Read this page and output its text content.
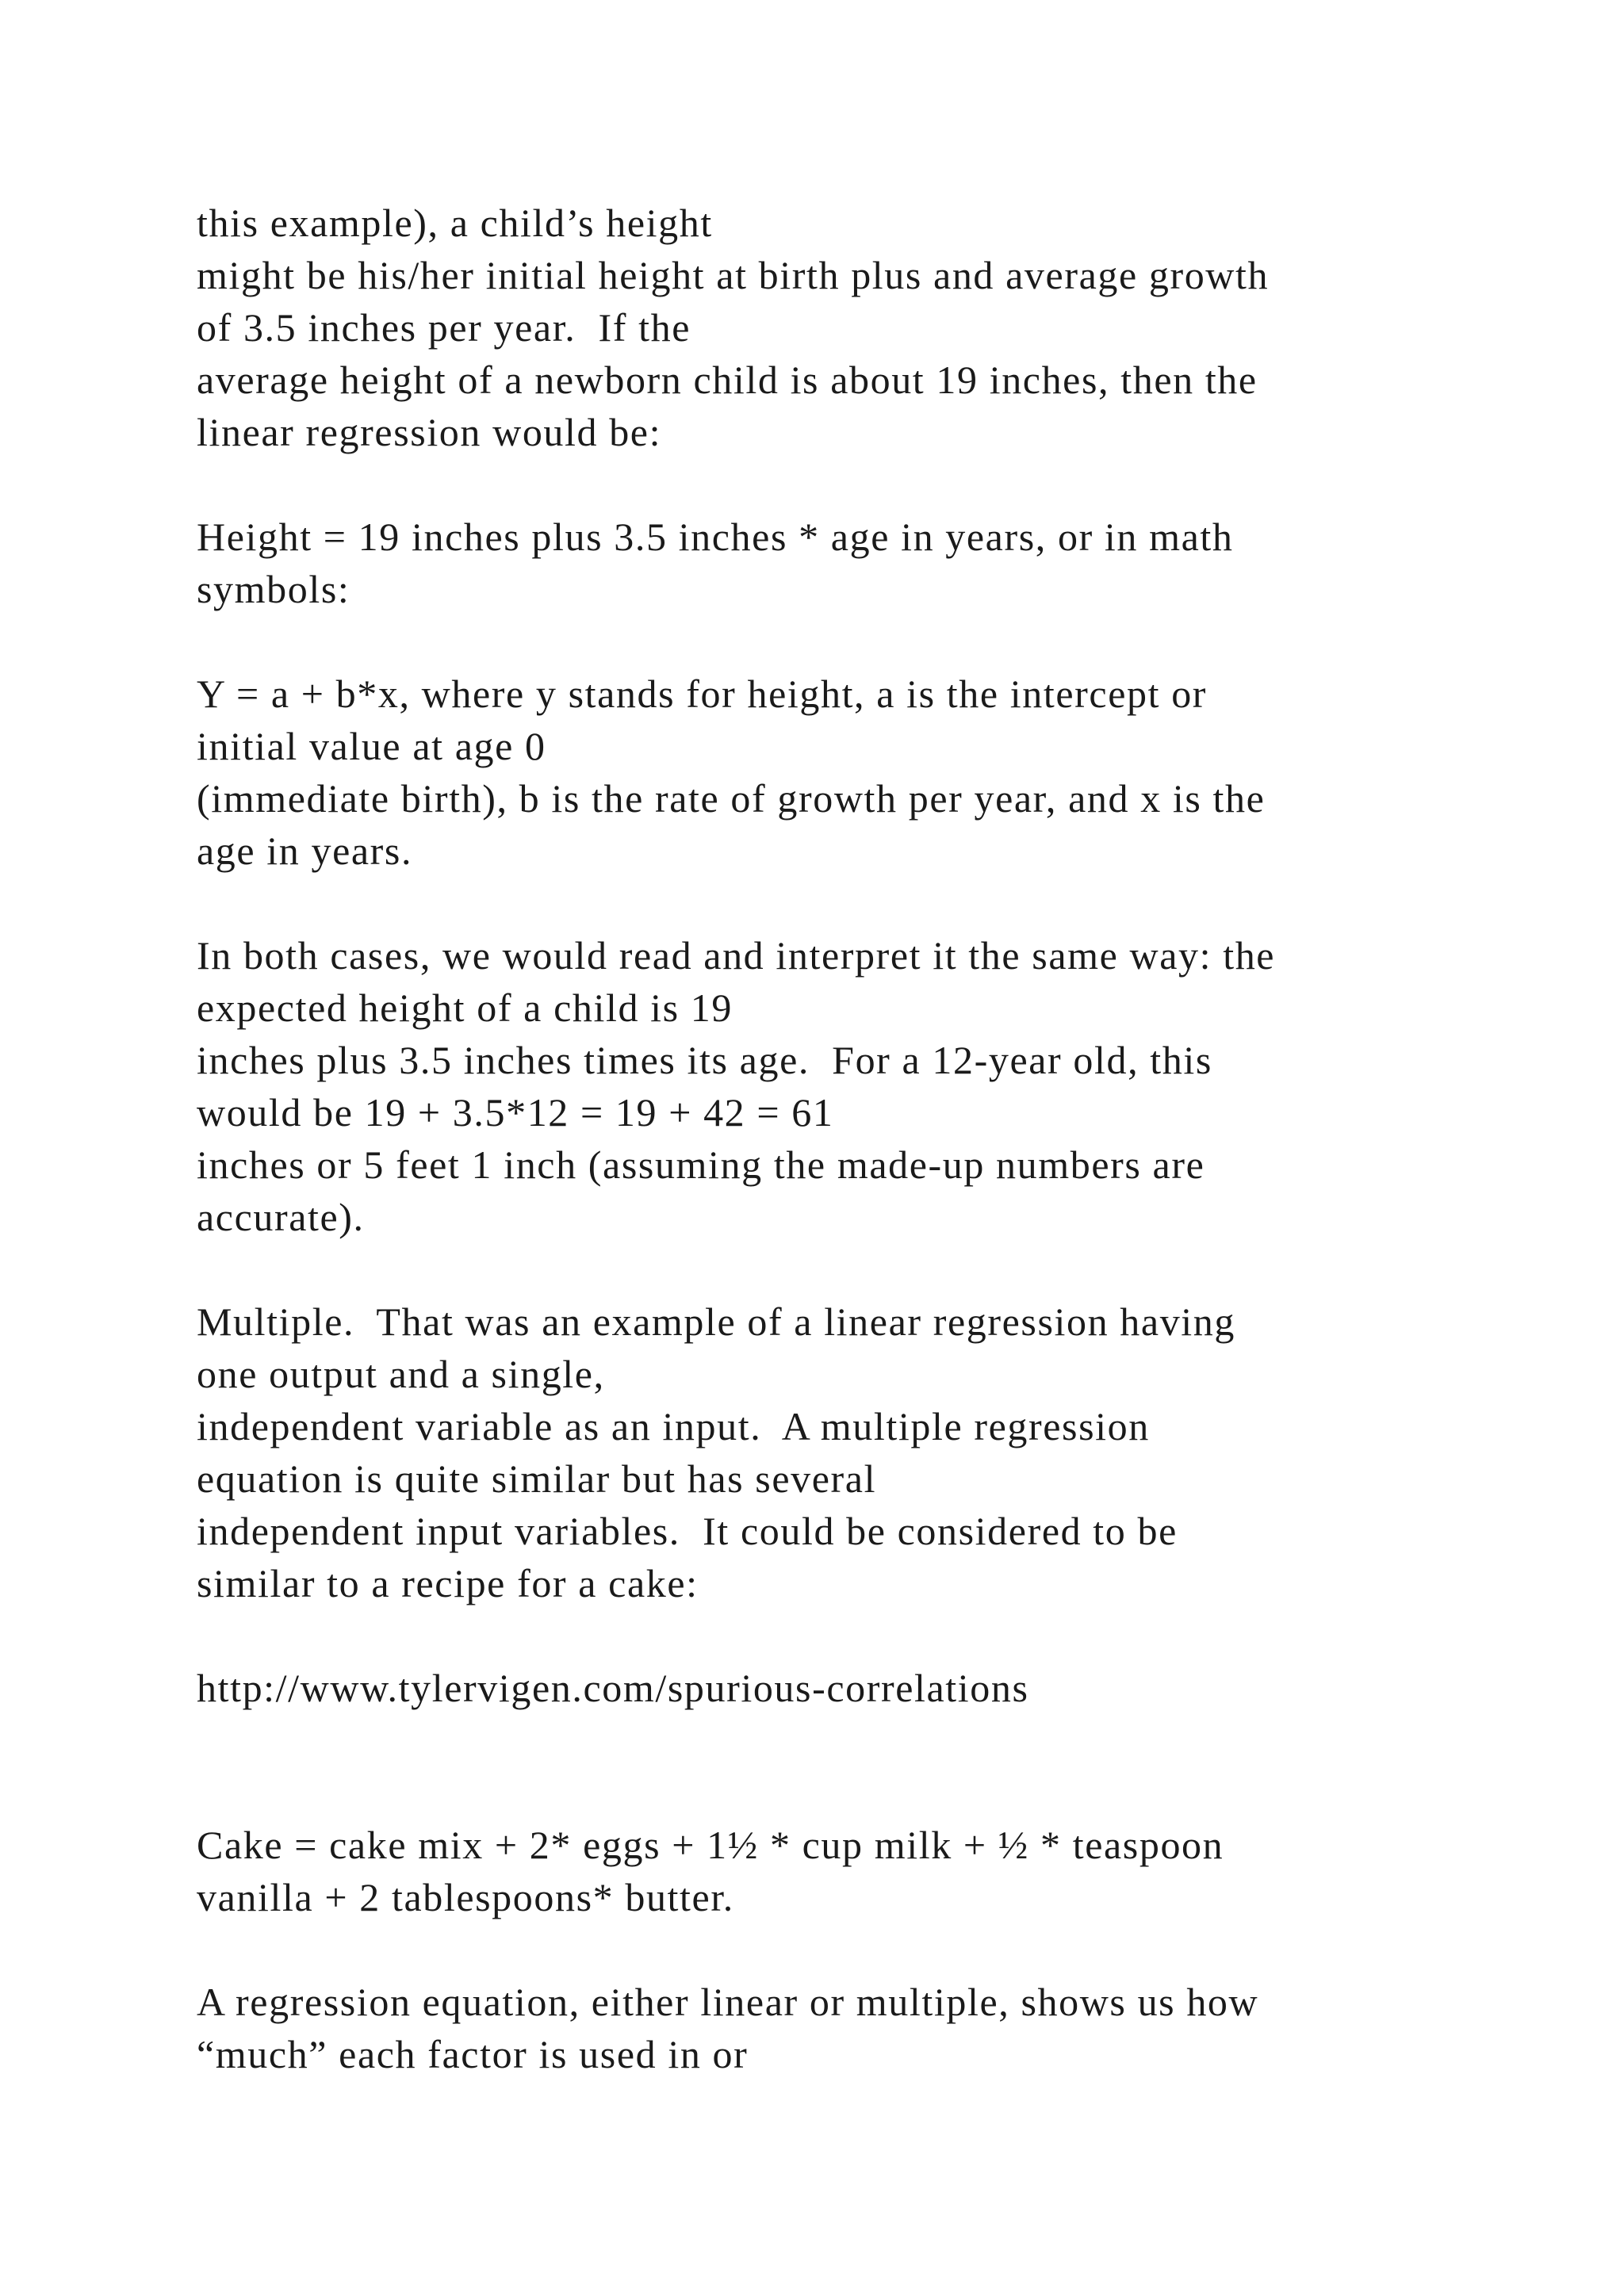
this example), a child’s height
might be his/her initial height at birth plus and average growth
of 3.5 inches per year.  If the
average height of a newborn child is about 19 inches, then the
linear regression would be:
Height = 19 inches plus 3.5 inches * age in years, or in math
symbols:
Y = a + b*x, where y stands for height, a is the intercept or
initial value at age 0
(immediate birth), b is the rate of growth per year, and x is the
age in years.
In both cases, we would read and interpret it the same way: the
expected height of a child is 19
inches plus 3.5 inches times its age.  For a 12-year old, this
would be 19 + 3.5*12 = 19 + 42 = 61
inches or 5 feet 1 inch (assuming the made-up numbers are
accurate).
Multiple.  That was an example of a linear regression having
one output and a single,
independent variable as an input.  A multiple regression
equation is quite similar but has several
independent input variables.  It could be considered to be
similar to a recipe for a cake:
http://www.tylervigen.com/spurious-correlations
Cake = cake mix + 2* eggs + 1½ * cup milk + ½ * teaspoon
vanilla + 2 tablespoons* butter.
A regression equation, either linear or multiple, shows us how
“much” each factor is used in or
